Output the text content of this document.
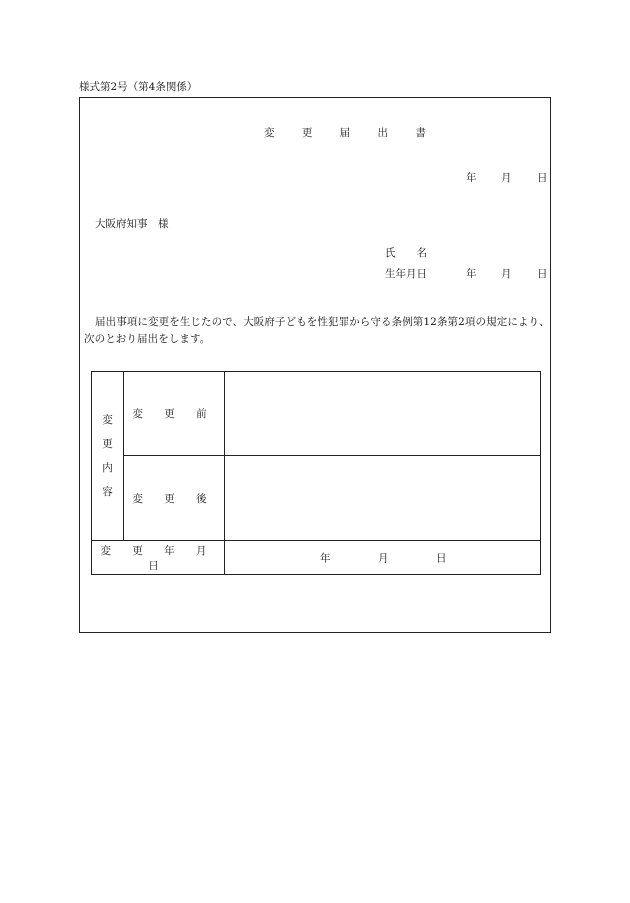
様式第2号（第4条関係）
変 更 届 出 書
年 月 日
大阪府知事　様
氏　　名
生年月日	年 月 日
届出事項に変更を生じたので、大阪府子どもを性犯罪から守る条例第12条第2項の規定により、次のとおり届出をします。
変更内容	変 更 前	
	変 更 後	
変 更 年 月 日		年 月 日
